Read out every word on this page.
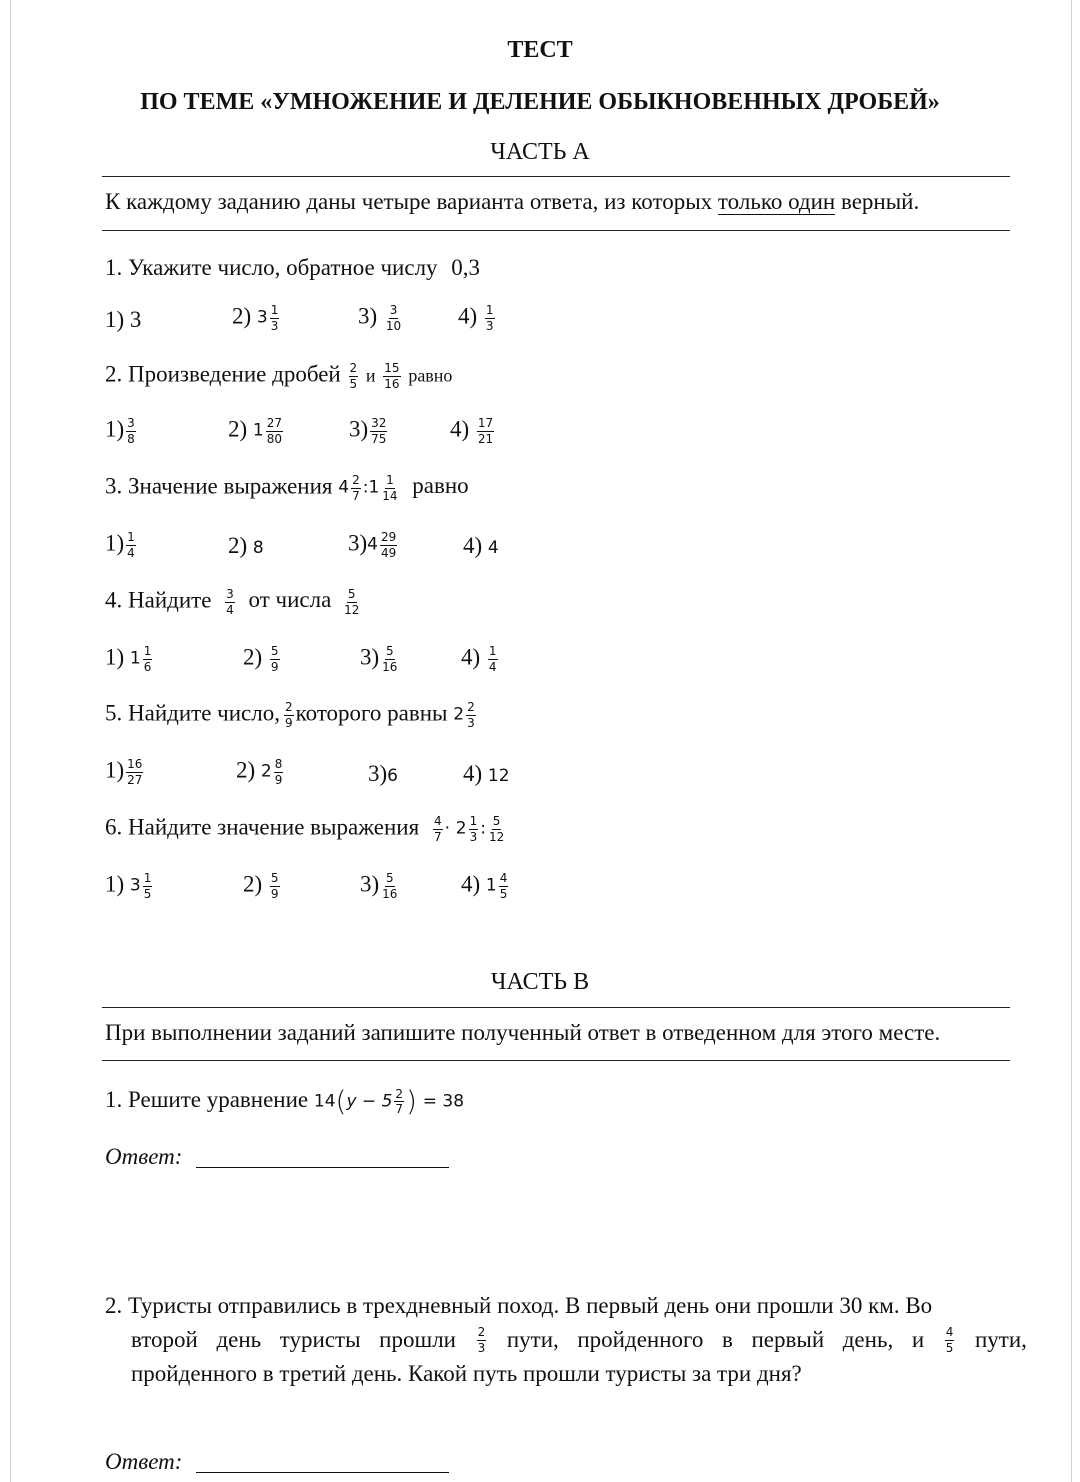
ТЕСТ
ПО ТЕМЕ «УМНОЖЕНИЕ И ДЕЛЕНИЕ ОБЫКНОВЕННЫХ ДРОБЕЙ»
ЧАСТЬ А
К каждому заданию даны четыре варианта ответа, из которых только один верный.
1. Укажите число, обратное числу 0,3
1) 3	2) $3 \frac{1}{3}$	$3) \frac{3}{10} 4) \frac{1}{3}$
2. Произведение дробей $\frac{2}{5}$ и $\frac{15}{16}$ равно
$1) \frac{3}{8}$	2) $1 \frac{27}{80}$	$3) \frac{32}{75}$	$4) \frac{17}{21}$
3. Значение выражения $4 \frac{2}{7}$ :1 $\frac{1}{14}$ равно
$1) \frac{1}{4}$	2) 8	$3)4 \frac{29}{49}$	4) 4
4. Найдите $\frac{3}{4}$ от числа $\frac{5}{12}$
1) $1 \frac{1}{6}$	$2) \frac{5}{9}$	$3) \frac{5}{16}$	$4) \frac{1}{4}$
5. Найдите число, $\frac{2}{9}$ которого равны $2 \frac{2}{3}$
$1) \frac{16}{27}$	2) $2 \frac{8}{9}$	3)6	4) 12
6. Найдите значение выражения $\frac{4}{7} \cdot 2 \frac{1}{3}$ : $\frac{5}{12}$
1) $3 \frac{1}{5}$	$2) \frac{5}{9}$	$3) \frac{5}{16}$	4) $1 \frac{4}{5}$
ЧАСТЬ В
При выполнении заданий запишите полученный ответ в отведенном для этого месте.
1. Решите уравнение $14(y - 5 \frac{2}{7}$ ) = 38
Ответ:
2. Туристы отправились в трехдневный поход. В первый день они прошли 30 км. Во
второй день туристы прошли 2
3 пути, пройденного в первый день, и 4
5 пути,
пройденного в третий день. Какой путь прошли туристы за три дня?
Ответ:
